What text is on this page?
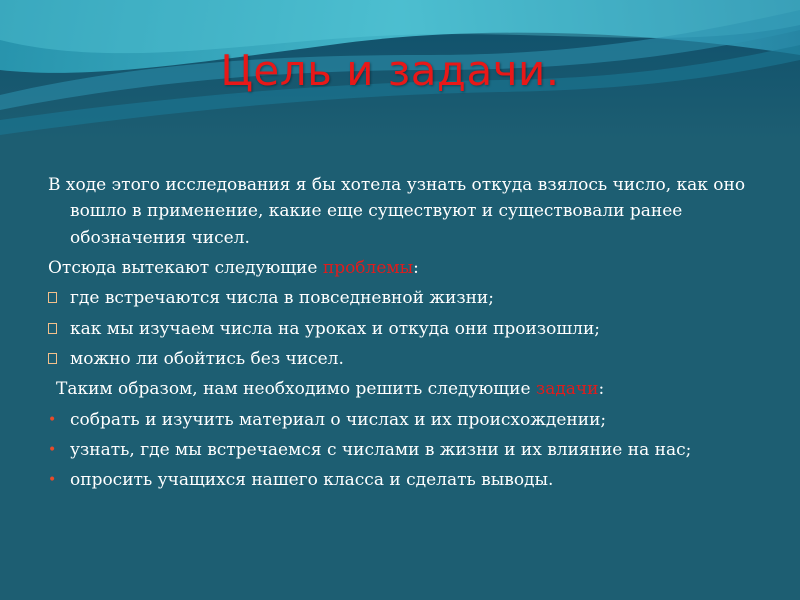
Цель и задачи.

В ходе этого исследования я бы хотела узнать откуда взялось число, как оно вошло в применение, какие еще существуют и существовали ранее обозначения чисел.

Отсюда вытекают следующие проблемы:

где встречаются числа в повседневной жизни;
как мы изучаем числа на уроках и откуда они произошли;
можно ли обойтись без чисел.

Таким образом, нам необходимо решить следующие задачи:

• собрать и изучить материал о числах и их происхождении;
• узнать, где мы встречаемся с числами в жизни и их влияние на нас;
• опросить учащихся нашего класса и сделать выводы.
